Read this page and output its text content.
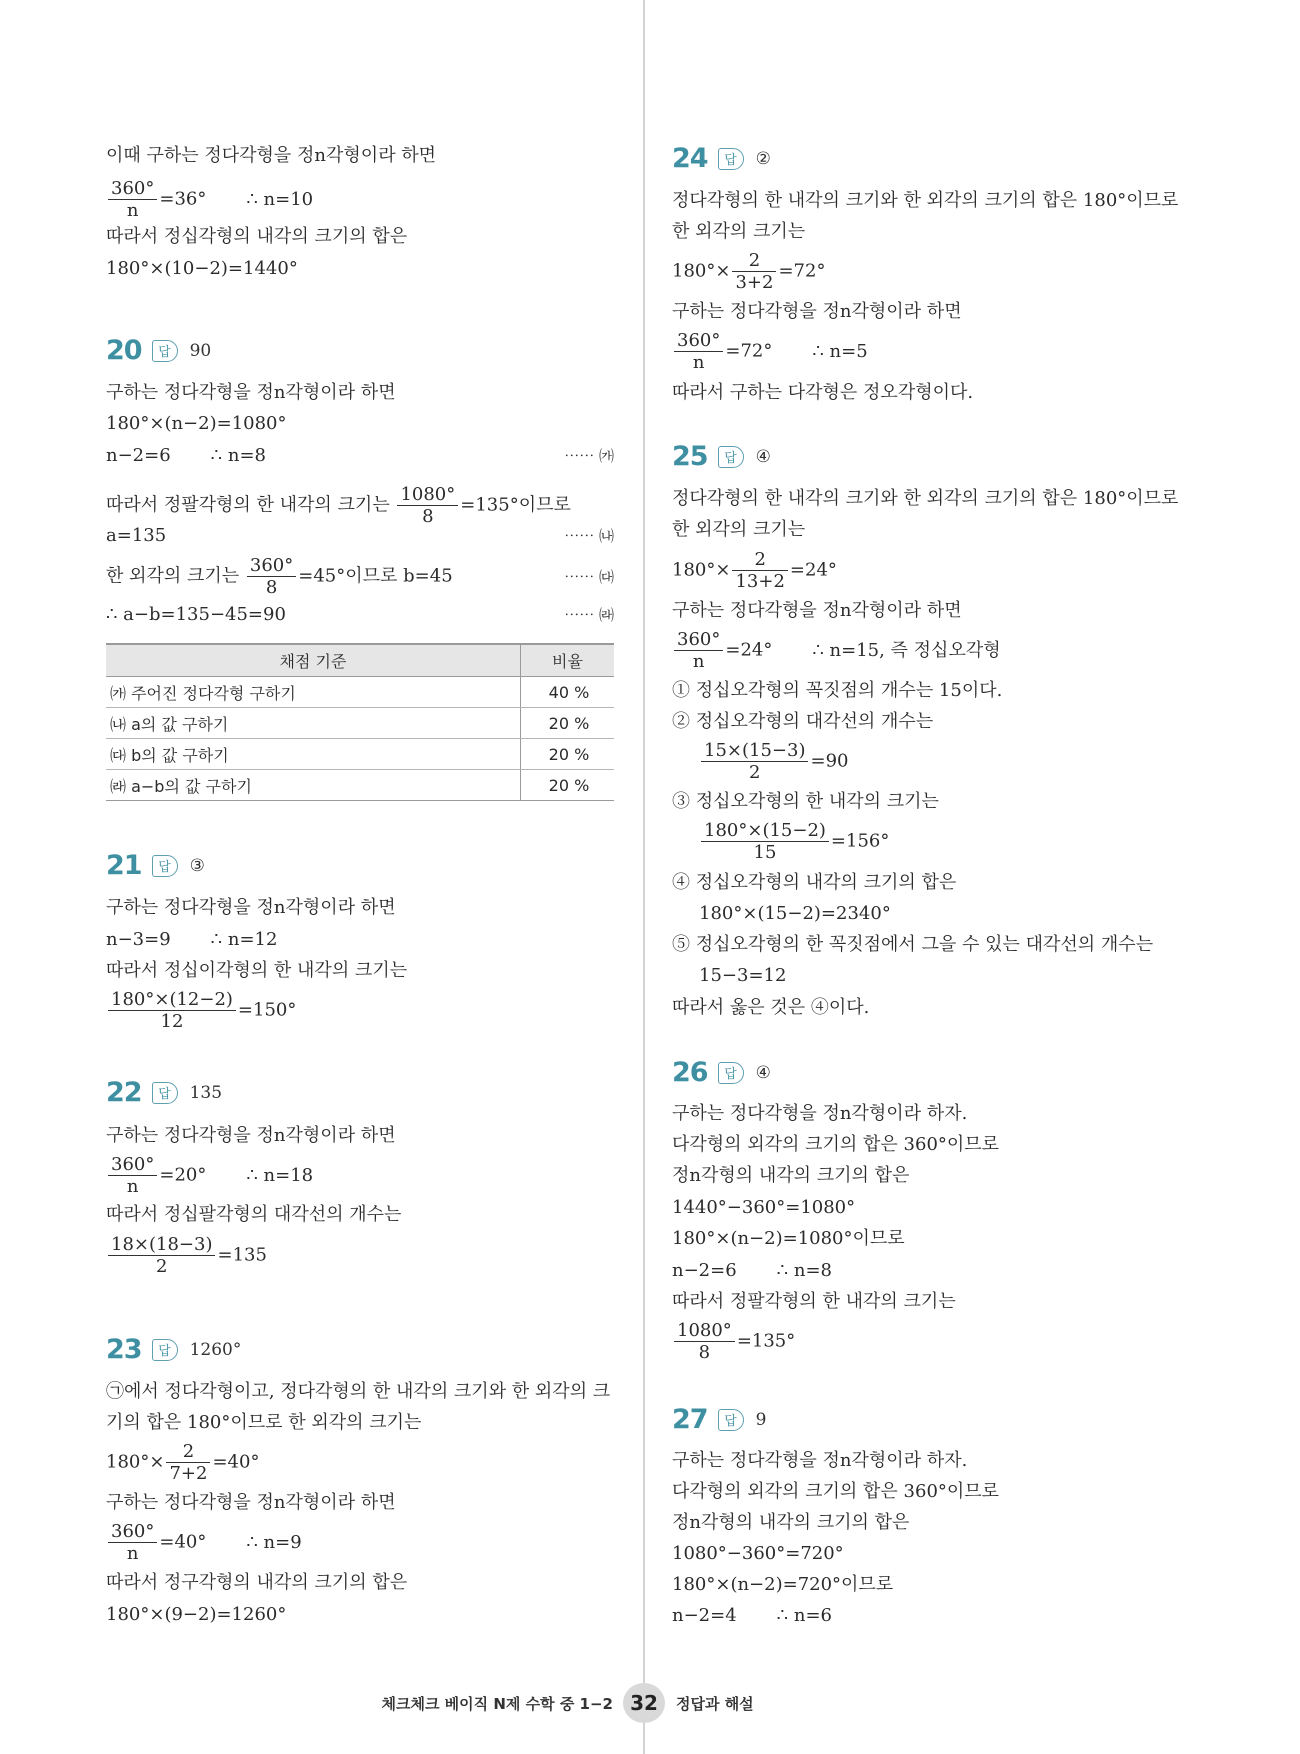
이때 구하는 정다각형을 정n각형이라 하면
$\frac{360^\circ}{n} =36^\circ$ ∴ n=10
따라서 정십각형의 내각의 크기의 합은
180°×(10−2)=1440°
20	답	90
구하는 정다각형을 정n각형이라 하면
180°×(n−2)=1080°
n−2=6 ∴ n=8	⋯⋯ ㈎
따라서 정팔각형의 한 내각의 크기는 $\frac{1080^\circ}{8} =135^\circ$이므로
a=135	⋯⋯ ㈏
한 외각의 크기는 $\frac{360^\circ}{8} =45^\circ$이므로 b=45	⋯⋯ ㈐
∴ a−b=135−45=90	⋯⋯ ㈑
채점 기준	비율
㈎ 주어진 정다각형 구하기	40 %
㈏ a의 값 구하기	20 %
㈐ b의 값 구하기	20 %
㈑ a−b의 값 구하기	20 %
21	답	③
구하는 정다각형을 정n각형이라 하면
n−3=9 ∴ n=12
따라서 정십이각형의 한 내각의 크기는
$\frac{180^\circ\times(12-2)}{12} =150^\circ$
22	답	135
구하는 정다각형을 정n각형이라 하면
$\frac{360^\circ}{n} =20^\circ$ ∴ n=18
따라서 정십팔각형의 대각선의 개수는
$\frac{18\times(18-3)}{2} =135$
23	답	1260°
㉠에서 정다각형이고, 정다각형의 한 내각의 크기와 한 외각의 크
기의 합은 180°이므로 한 외각의 크기는
$180^\circ\times \frac{2}{7+2} =40^\circ$
구하는 정다각형을 정n각형이라 하면
$\frac{360^\circ}{n} =40^\circ$ ∴ n=9
따라서 정구각형의 내각의 크기의 합은
180°×(9−2)=1260°
24	답	②
정다각형의 한 내각의 크기와 한 외각의 크기의 합은 180°이므로
한 외각의 크기는
$180^\circ\times \frac{2}{3+2} =72^\circ$
구하는 정다각형을 정n각형이라 하면
$\frac{360^\circ}{n} =72^\circ$ ∴ n=5
따라서 구하는 다각형은 정오각형이다.
25	답	④
정다각형의 한 내각의 크기와 한 외각의 크기의 합은 180°이므로
한 외각의 크기는
$180^\circ\times \frac{2}{13+2} =24^\circ$
구하는 정다각형을 정n각형이라 하면
$\frac{360^\circ}{n} =24^\circ$ ∴ n=15, 즉 정십오각형
① 정십오각형의 꼭짓점의 개수는 15이다.
② 정십오각형의 대각선의 개수는
$\frac{15\times(15-3)}{2} =90$
③ 정십오각형의 한 내각의 크기는
$\frac{180^\circ\times(15-2)}{15} =156^\circ$
④ 정십오각형의 내각의 크기의 합은
180°×(15−2)=2340°
⑤ 정십오각형의 한 꼭짓점에서 그을 수 있는 대각선의 개수는
15−3=12
따라서 옳은 것은 ④이다.
26	답	④
구하는 정다각형을 정n각형이라 하자.
다각형의 외각의 크기의 합은 360°이므로
정n각형의 내각의 크기의 합은
1440°−360°=1080°
180°×(n−2)=1080°이므로
n−2=6 ∴ n=8
따라서 정팔각형의 한 내각의 크기는
$\frac{1080^\circ}{8} =135^\circ$
27	답	9
구하는 정다각형을 정n각형이라 하자.
다각형의 외각의 크기의 합은 360°이므로
정n각형의 내각의 크기의 합은
1080°−360°=720°
180°×(n−2)=720°이므로
n−2=4 ∴ n=6
체크체크 베이직 N제 수학 중 1−2 32	정답과 해설
